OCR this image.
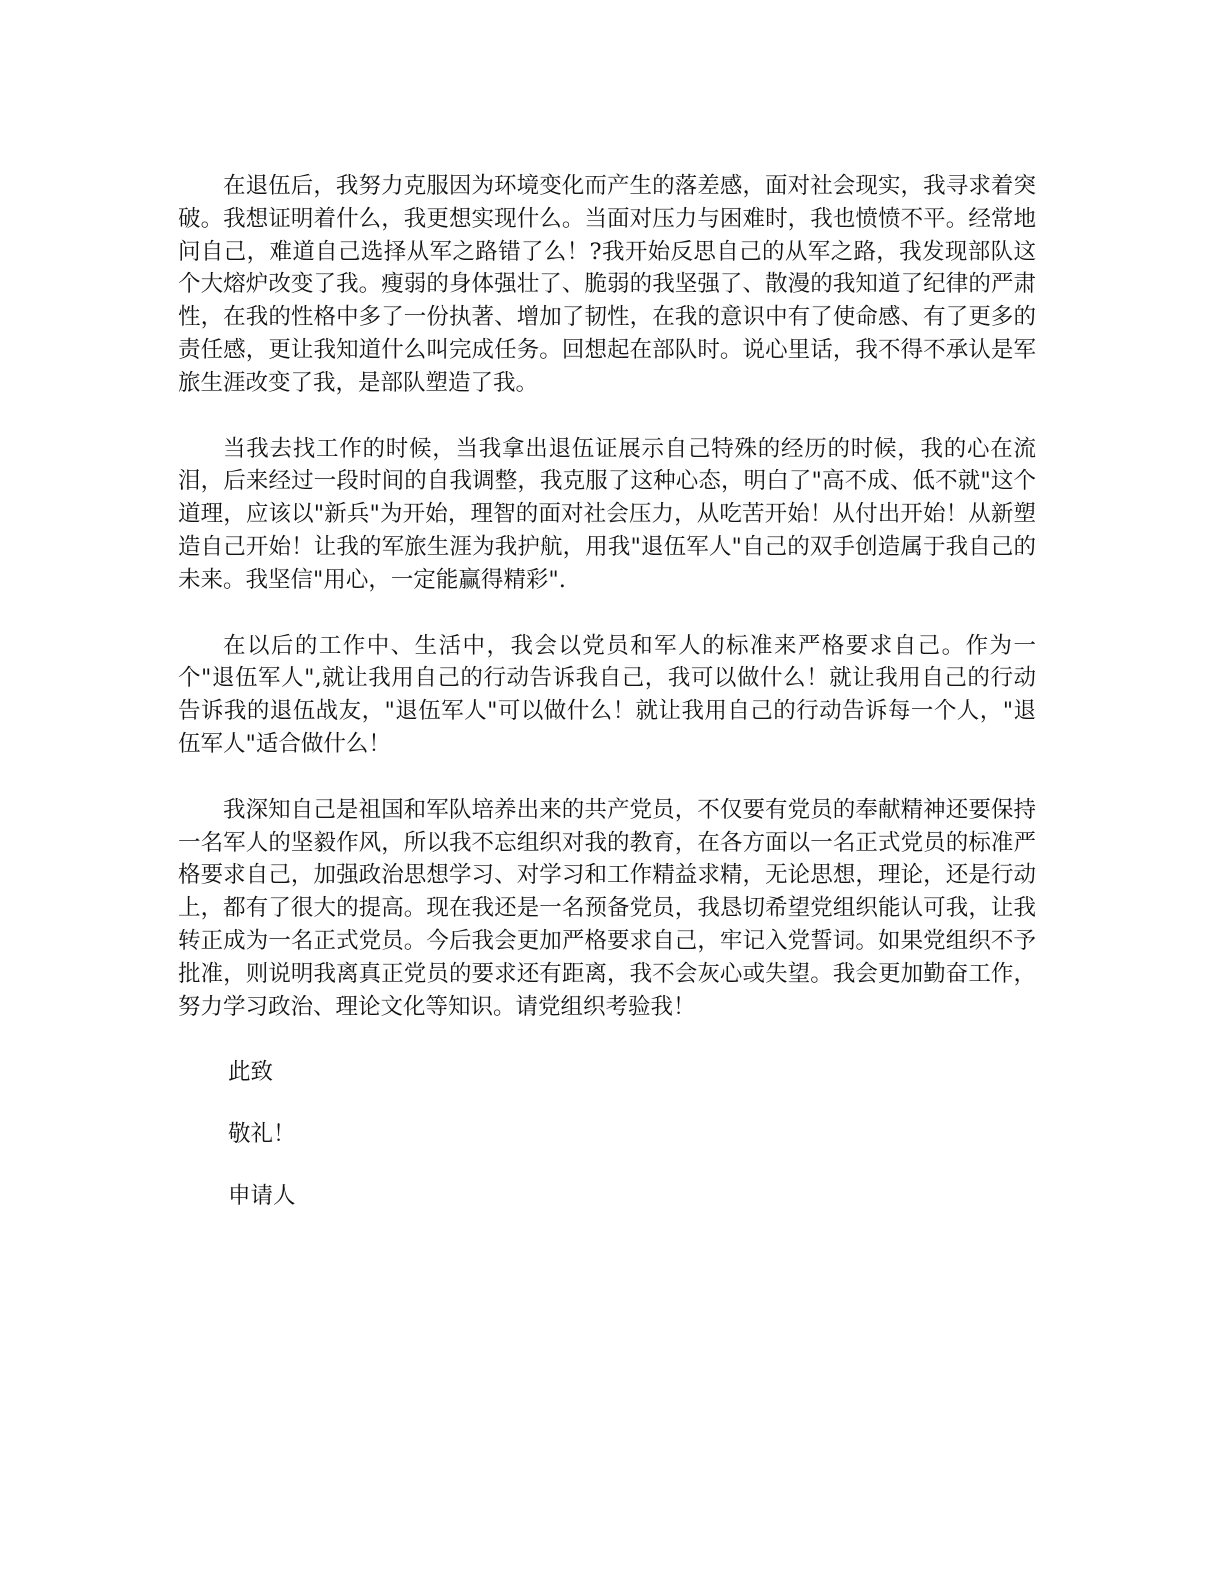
在退伍后，我努力克服因为环境变化而产生的落差感，面对社会现实，我寻求着突破。我想证明着什么，我更想实现什么。当面对压力与困难时，我也愤愤不平。经常地问自己，难道自己选择从军之路错了么！?我开始反思自己的从军之路，我发现部队这个大熔炉改变了我。瘦弱的身体强壮了、脆弱的我坚强了、散漫的我知道了纪律的严肃性，在我的性格中多了一份执著、增加了韧性，在我的意识中有了使命感、有了更多的责任感，更让我知道什么叫完成任务。回想起在部队时。说心里话，我不得不承认是军旅生涯改变了我，是部队塑造了我。

当我去找工作的时候，当我拿出退伍证展示自己特殊的经历的时候，我的心在流泪，后来经过一段时间的自我调整，我克服了这种心态，明白了"高不成、低不就"这个道理，应该以"新兵"为开始，理智的面对社会压力，从吃苦开始！从付出开始！从新塑造自己开始！让我的军旅生涯为我护航，用我"退伍军人"自己的双手创造属于我自己的未来。我坚信"用心，一定能赢得精彩".

在以后的工作中、生活中，我会以党员和军人的标准来严格要求自己。作为一个"退伍军人",就让我用自己的行动告诉我自己，我可以做什么！就让我用自己的行动告诉我的退伍战友，"退伍军人"可以做什么！就让我用自己的行动告诉每一个人，"退伍军人"适合做什么！

我深知自己是祖国和军队培养出来的共产党员，不仅要有党员的奉献精神还要保持一名军人的坚毅作风，所以我不忘组织对我的教育，在各方面以一名正式党员的标准严格要求自己，加强政治思想学习、对学习和工作精益求精，无论思想，理论，还是行动上，都有了很大的提高。现在我还是一名预备党员，我恳切希望党组织能认可我，让我转正成为一名正式党员。今后我会更加严格要求自己，牢记入党誓词。如果党组织不予批准，则说明我离真正党员的要求还有距离，我不会灰心或失望。我会更加勤奋工作，努力学习政治、理论文化等知识。请党组织考验我！

此致

敬礼！

申请人
